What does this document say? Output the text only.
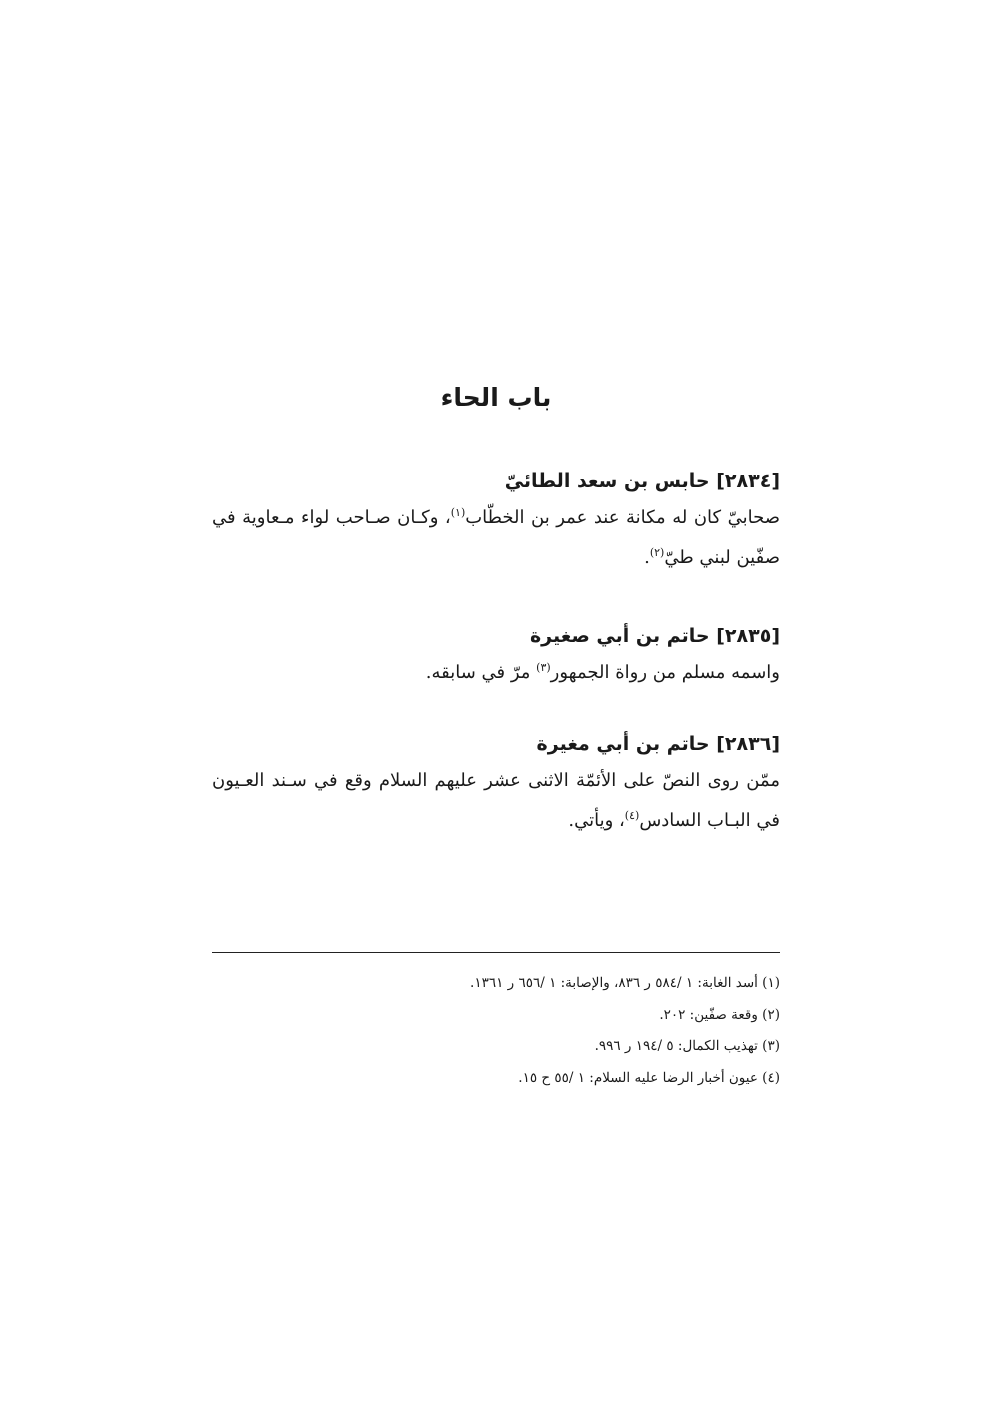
باب الحاء

[٢٨٣٤] حابس بن سعد الطائيّ

صحابيّ كان له مكانة عند عمر بن الخطّاب$^{(١)}$، وكـان صـاحب لواء مـعاوية في صفّين لبني طيّ$^{(٢)}$.

[٢٨٣٥] حاتم بن أبي صغيرة

واسمه مسلم من رواة الجمهور$^{(٣)}$ مرّ في سابقه.

[٢٨٣٦] حاتم بن أبي مغيرة

ممّن روى النصّ على الأئمّة الاثنى عشر عليهم السلام وقع في سـند العـيون في البـاب السادس$^{(٤)}$، ويأتي.

(١) أسد الغابة: ١ /٥٨٤ ر ٨٣٦، والإصابة: ١ /٦٥٦ ر ١٣٦١.
(٢) وقعة صفّين: ٢٠٢.
(٣) تهذيب الكمال: ٥ /١٩٤ ر ٩٩٦.
(٤) عيون أخبار الرضا عليه السلام: ١ /٥٥ ح ١٥.
